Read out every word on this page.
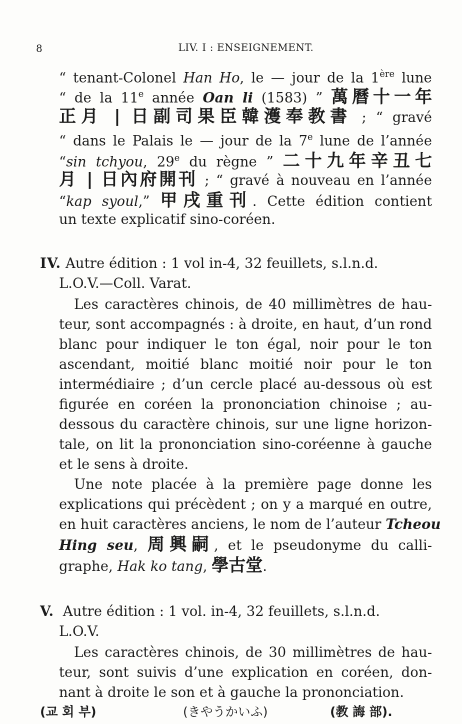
8	LIV. I : ENSEIGNEMENT.
“ tenant-Colonel Han Ho, le — jour de la 1ère lune
“ de la 11e année Oan li (1583) ” 萬曆十一年
正月 | 日副司果臣韓濩奉教書 ; “ gravé
“ dans le Palais le — jour de la 7e lune de l’année
“sin tchyou, 29e du règne ” 二十九年辛丑七
月 | 日內府開刊 ; “ gravé à nouveau en l’année
“kap syoul,” 甲戌重刊. Cette édition contient
un texte explicatif sino-coréen.
IV. Autre édition : 1 vol in-4, 32 feuillets, s.l.n.d.
L.O.V.—Coll. Varat.
Les caractères chinois, de 40 millimètres de hau-
teur, sont accompagnés : à droite, en haut, d’un rond
blanc pour indiquer le ton égal, noir pour le ton
ascendant, moitié blanc moitié noir pour le ton
intermédiaire ; d’un cercle placé au-dessous où est
figurée en coréen la prononciation chinoise ; au-
dessous du caractère chinois, sur une ligne horizon-
tale, on lit la prononciation sino-coréenne à gauche
et le sens à droite.
Une note placée à la première page donne les
explications qui précèdent ; on y a marqué en outre,
en huit caractères anciens, le nom de l’auteur Tcheou
Hing seu, 周興嗣, et le pseudonyme du calli-
graphe, Hak ko tang, 學古堂.
V. Autre édition : 1 vol. in-4, 32 feuillets, s.l.n.d.
L.O.V.
Les caractères chinois, de 30 millimètres de hau-
teur, sont suivis d’une explication en coréen, don-
nant à droite le son et à gauche la prononciation.
(교 회 부)	(きやうかいふ)	(教 誨 部).
